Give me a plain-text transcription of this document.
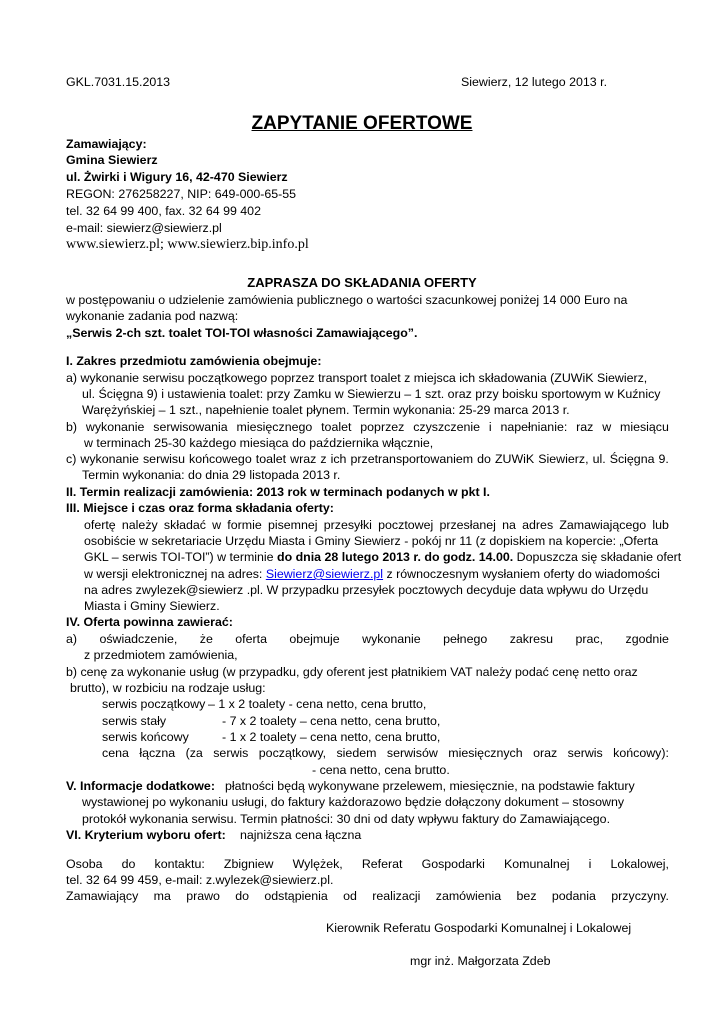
GKL.7031.15.2013	Siewierz, 12 lutego 2013 r.
ZAPYTANIE OFERTOWE
Zamawiający:
Gmina Siewierz
ul. Żwirki i Wigury 16, 42-470 Siewierz
REGON: 276258227, NIP: 649-000-65-55
tel. 32 64 99 400, fax. 32 64 99 402
e-mail: siewierz@siewierz.pl
www.siewierz.pl; www.siewierz.bip.info.pl
ZAPRASZA DO SKŁADANIA OFERTY
w postępowaniu o udzielenie zamówienia publicznego o wartości szacunkowej poniżej 14 000 Euro na
wykonanie zadania pod nazwą:
„Serwis 2-ch szt. toalet TOI-TOI własności Zamawiającego”.
I. Zakres przedmiotu zamówienia obejmuje:
a) wykonanie serwisu początkowego poprzez transport toalet z miejsca ich składowania (ZUWiK Siewierz,
ul. Ścięgna 9) i ustawienia toalet: przy Zamku w Siewierzu – 1 szt. oraz przy boisku sportowym w Kuźnicy
Warężyńskiej – 1 szt., napełnienie toalet płynem. Termin wykonania: 25-29 marca 2013 r.
b) wykonanie serwisowania miesięcznego toalet poprzez czyszczenie i napełnianie: raz w miesiącu
w terminach 25-30 każdego miesiąca do października włącznie,
c) wykonanie serwisu końcowego toalet wraz z ich przetransportowaniem do ZUWiK Siewierz, ul. Ścięgna 9.
Termin wykonania: do dnia 29 listopada 2013 r.
II. Termin realizacji zamówienia: 2013 rok w terminach podanych w pkt I.
III. Miejsce i czas oraz forma składania oferty:
ofertę należy składać w formie pisemnej przesyłki pocztowej przesłanej na adres Zamawiającego lub
osobiście w sekretariacie Urzędu Miasta i Gminy Siewierz - pokój nr 11 (z dopiskiem na kopercie: „Oferta
GKL – serwis TOI-TOI”) w terminie do dnia 28 lutego 2013 r. do godz. 14.00. Dopuszcza się składanie ofert
w wersji elektronicznej na adres: Siewierz@siewierz.pl z równoczesnym wysłaniem oferty do wiadomości
na adres zwylezek@siewierz .pl. W przypadku przesyłek pocztowych decyduje data wpływu do Urzędu
Miasta i Gminy Siewierz.
IV. Oferta powinna zawierać:
a) oświadczenie, że oferta obejmuje wykonanie pełnego zakresu prac, zgodnie
z przedmiotem zamówienia,
b) cenę za wykonanie usług (w przypadku, gdy oferent jest płatnikiem VAT należy podać cenę netto oraz
brutto), w rozbiciu na rodzaje usług:
serwis początkowy – 1 x 2 toalety - cena netto, cena brutto,
serwis stały	- 7 x 2 toalety – cena netto, cena brutto,
serwis końcowy	- 1 x 2 toalety – cena netto, cena brutto,
cena łączna (za serwis początkowy, siedem serwisów miesięcznych oraz serwis końcowy):
- cena netto, cena brutto.
V. Informacje dodatkowe: płatności będą wykonywane przelewem, miesięcznie, na podstawie faktury
wystawionej po wykonaniu usługi, do faktury każdorazowo będzie dołączony dokument – stosowny
protokół wykonania serwisu. Termin płatności: 30 dni od daty wpływu faktury do Zamawiającego.
VI. Kryterium wyboru ofert: najniższa cena łączna
Osoba do kontaktu: Zbigniew Wylężek, Referat Gospodarki Komunalnej i Lokalowej,
tel. 32 64 99 459, e-mail: z.wylezek@siewierz.pl.
Zamawiający ma prawo do odstąpienia od realizacji zamówienia bez podania przyczyny.
Kierownik Referatu Gospodarki Komunalnej i Lokalowej
mgr inż. Małgorzata Zdeb
